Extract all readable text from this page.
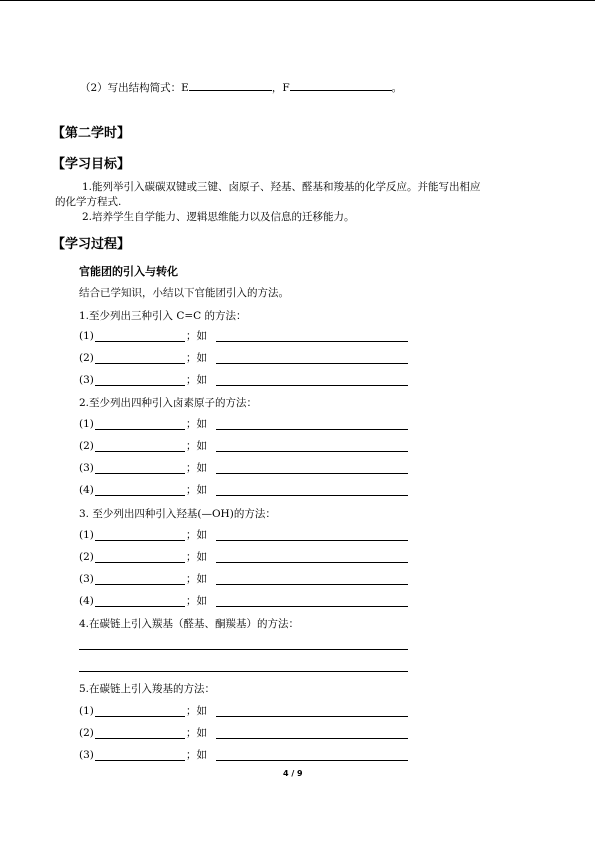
（2）写出结构简式：E	，F	。
【第二学时】
【学习目标】
1.能列举引入碳碳双键或三键、卤原子、羟基、醛基和羧基的化学反应。并能写出相应
的化学方程式.
2.培养学生自学能力、逻辑思维能力以及信息的迁移能力。
【学习过程】
官能团的引入与转化
结合已学知识，小结以下官能团引入的方法。
1.至少列出三种引入 C=C 的方法：
2.至少列出四种引入卤素原子的方法：
3. 至少列出四种引入羟基(—OH)的方法：
4.在碳链上引入羰基（醛基、酮羰基）的方法：
5.在碳链上引入羧基的方法：
(1)	；如
(2)	；如
(3)	；如
(1)	；如
(2)	；如
(3)	；如
(4)	；如
(1)	；如
(2)	；如
(3)	；如
(4)	；如
(1)	；如
(2)	；如
(3)	；如
4 / 9
